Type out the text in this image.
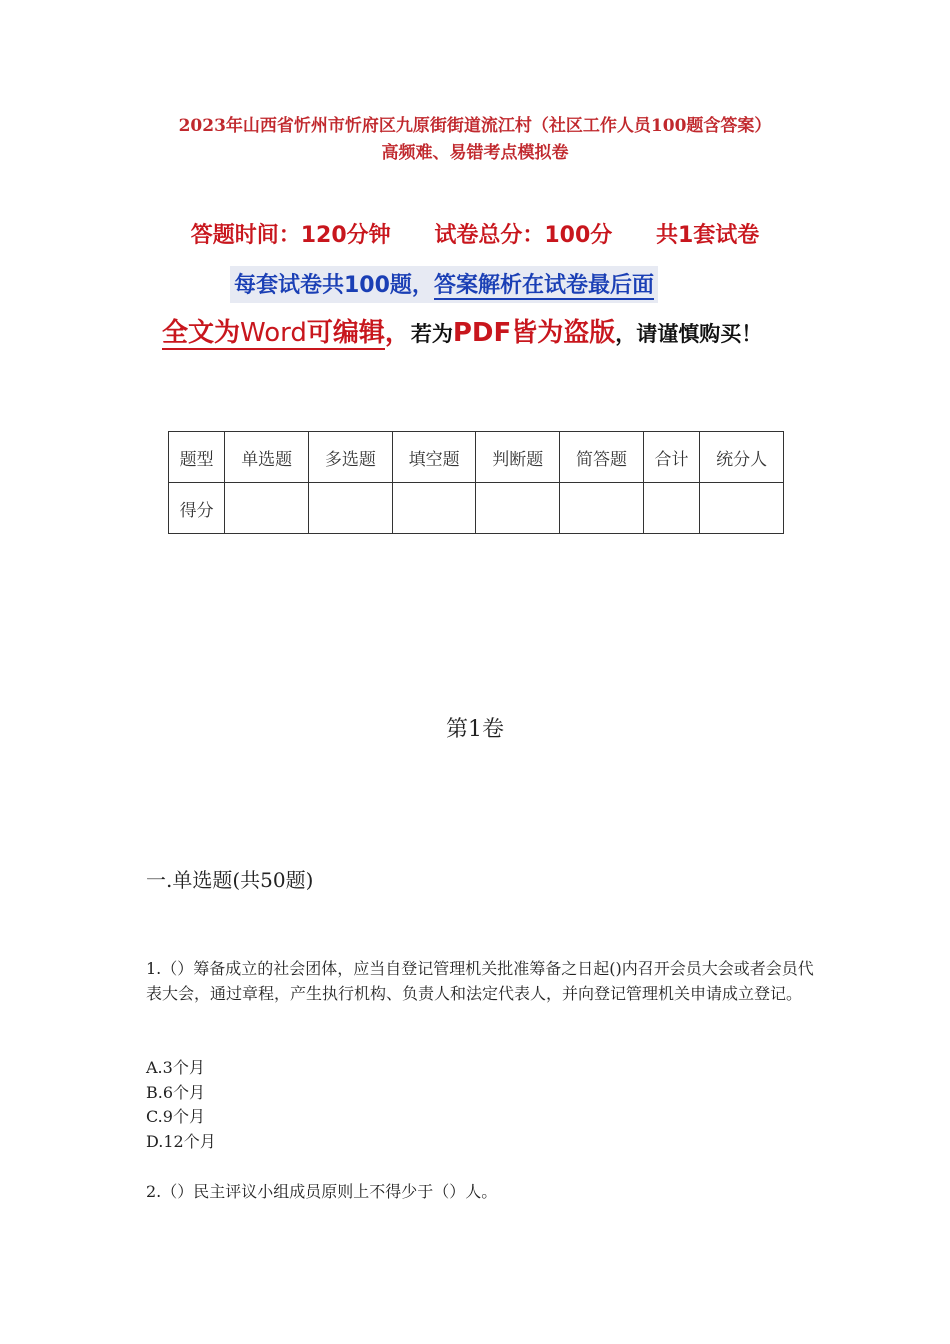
2023年山西省忻州市忻府区九原街街道流江村（社区工作人员100题含答案）
高频难、易错考点模拟卷
答题时间：120分钟 试卷总分：100分 共1套试卷
每套试卷共100题，答案解析在试卷最后面
全文为Word可编辑，若为PDF皆为盗版，请谨慎购买！
题型	单选题	多选题	填空题	判断题	简答题	合计	统分人
得分							
第1卷
一.单选题(共50题)
1.（）筹备成立的社会团体，应当自登记管理机关批准筹备之日起()内召开会员大会或者会员代表大会，通过章程，产生执行机构、负责人和法定代表人，并向登记管理机关申请成立登记。
A.3个月
B.6个月
C.9个月
D.12个月
2.（）民主评议小组成员原则上不得少于（）人。
